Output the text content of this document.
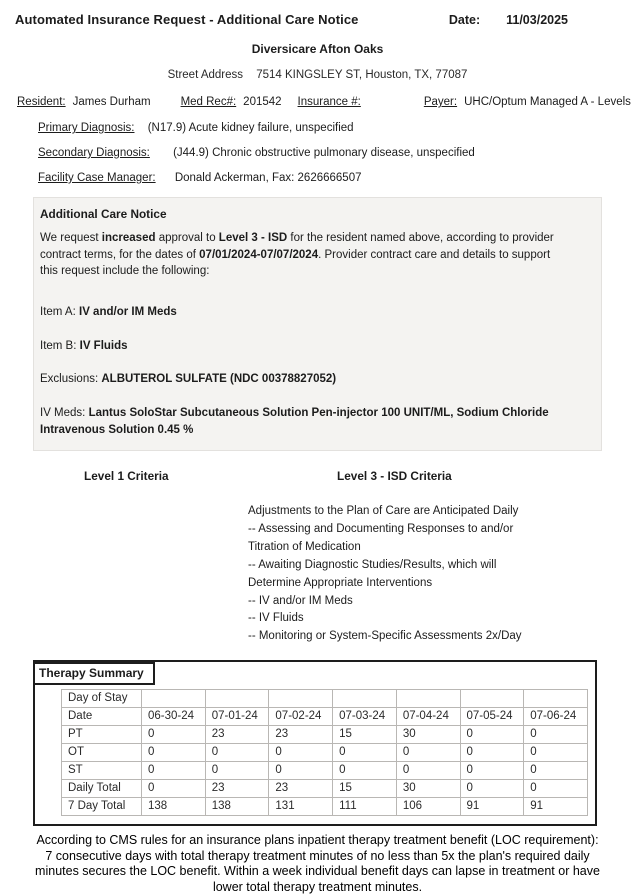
Automated Insurance Request - Additional Care Notice	Date: 11/03/2025
Diversicare Afton Oaks
Street Address 7514 KINGSLEY ST, Houston, TX, 77087
Resident: James Durham	Med Rec#: 201542 Insurance #:	Payer: UHC/Optum Managed A - Levels
Primary Diagnosis: (N17.9) Acute kidney failure, unspecified
Secondary Diagnosis: (J44.9) Chronic obstructive pulmonary disease, unspecified
Facility Case Manager: Donald Ackerman, Fax: 2626666507
Additional Care Notice
We request increased approval to Level 3 - ISD for the resident named above, according to provider contract terms, for the dates of 07/01/2024-07/07/2024. Provider contract care and details to support this request include the following:
Item A: IV and/or IM Meds
Item B: IV Fluids
Exclusions: ALBUTEROL SULFATE (NDC 00378827052)
IV Meds: Lantus SoloStar Subcutaneous Solution Pen-injector 100 UNIT/ML, Sodium Chloride Intravenous Solution 0.45 %
Level 1 Criteria	Level 3 - ISD Criteria
Adjustments to the Plan of Care are Anticipated Daily
-- Assessing and Documenting Responses to and/or Titration of Medication
-- Awaiting Diagnostic Studies/Results, which will Determine Appropriate Interventions
-- IV and/or IM Meds
-- IV Fluids
-- Monitoring or System-Specific Assessments 2x/Day
Therapy Summary
Day of Stay							
Date	06-30-24	07-01-24	07-02-24	07-03-24	07-04-24	07-05-24	07-06-24
PT	0	23	23	15	30	0	0
OT	0	0	0	0	0	0	0
ST	0	0	0	0	0	0	0
Daily Total	0	23	23	15	30	0	0
7 Day Total	138	138	131	111	106	91	91
According to CMS rules for an insurance plans inpatient therapy treatment benefit (LOC requirement):
7 consecutive days with total therapy treatment minutes of no less than 5x the plan's required daily
minutes secures the LOC benefit. Within a week individual benefit days can lapse in treatment or have
lower total therapy treatment minutes.
